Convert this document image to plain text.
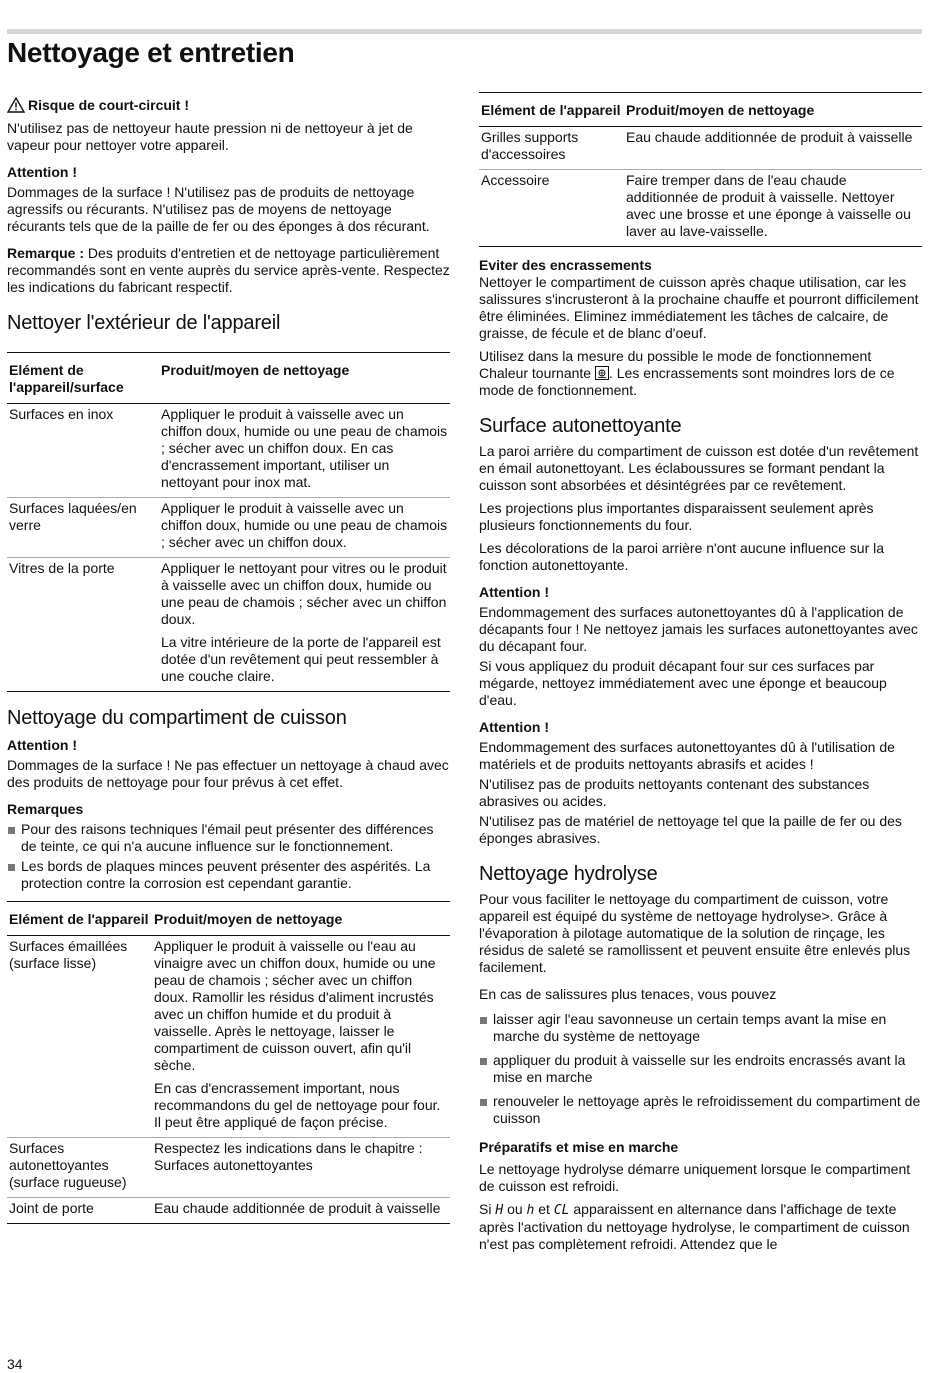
Nettoyage et entretien
Risque de court-circuit !

N'utilisez pas de nettoyeur haute pression ni de nettoyeur à jet de vapeur pour nettoyer votre appareil.

Attention !

Dommages de la surface ! N'utilisez pas de produits de nettoyage agressifs ou récurants. N'utilisez pas de moyens de nettoyage récurants tels que de la paille de fer ou des éponges à dos récurant.

Remarque : Des produits d'entretien et de nettoyage particulièrement recommandés sont en vente auprès du service après-vente. Respectez les indications du fabricant respectif.

Nettoyer l'extérieur de l'appareil
Elément de l'appareil/surface	Produit/moyen de nettoyage
Surfaces en inox	Appliquer le produit à vaisselle avec un chiffon doux, humide ou une peau de chamois ; sécher avec un chiffon doux. En cas d'encrassement important, utiliser un nettoyant pour inox mat.

Surfaces laquées/en verre	Appliquer le produit à vaisselle avec un chiffon doux, humide ou une peau de chamois ; sécher avec un chiffon doux.

Vitres de la porte	Appliquer le nettoyant pour vitres ou le produit à vaisselle avec un chiffon doux, humide ou une peau de chamois ; sécher avec un chiffon doux.

La vitre intérieure de la porte de l'appareil est dotée d'un revêtement qui peut ressembler à une couche claire.

Nettoyage du compartiment de cuisson

Attention !

Dommages de la surface ! Ne pas effectuer un nettoyage à chaud avec des produits de nettoyage pour four prévus à cet effet.

Remarques

Pour des raisons techniques l'émail peut présenter des différences de teinte, ce qui n'a aucune influence sur le fonctionnement.
Les bords de plaques minces peuvent présenter des aspérités. La protection contre la corrosion est cependant garantie.
Elément de l'appareil	Produit/moyen de nettoyage
Surfaces émaillées (surface lisse)	Appliquer le produit à vaisselle ou l'eau au vinaigre avec un chiffon doux, humide ou une peau de chamois ; sécher avec un chiffon doux. Ramollir les résidus d'aliment incrustés avec un chiffon humide et du produit à vaisselle. Après le nettoyage, laisser le compartiment de cuisson ouvert, afin qu'il sèche.

En cas d'encrassement important, nous recommandons du gel de nettoyage pour four. Il peut être appliqué de façon précise.

Surfaces autonettoyantes (surface rugueuse)	Respectez les indications dans le chapitre : Surfaces autonettoyantes

Joint de porte	Eau chaude additionnée de produit à vaisselle

Elément de l'appareil	Produit/moyen de nettoyage
Grilles supports d'accessoires	Eau chaude additionnée de produit à vaisselle

Accessoire	Faire tremper dans de l'eau chaude additionnée de produit à vaisselle. Nettoyer avec une brosse et une éponge à vaisselle ou laver au lave-vaisselle.

Eviter des encrassements

Nettoyer le compartiment de cuisson après chaque utilisation, car les salissures s'incrusteront à la prochaine chauffe et pourront difficilement être éliminées. Eliminez immédiatement les tâches de calcaire, de graisse, de fécule et de blanc d'oeuf.

Utilisez dans la mesure du possible le mode de fonctionnement Chaleur tournante . Les encrassements sont moindres lors de ce mode de fonctionnement.

Surface autonettoyante

La paroi arrière du compartiment de cuisson est dotée d'un revêtement en émail autonettoyant. Les éclaboussures se formant pendant la cuisson sont absorbées et désintégrées par ce revêtement.

Les projections plus importantes disparaissent seulement après plusieurs fonctionnements du four.

Les décolorations de la paroi arrière n'ont aucune influence sur la fonction autonettoyante.

Attention !

Endommagement des surfaces autonettoyantes dû à l'application de décapants four ! Ne nettoyez jamais les surfaces autonettoyantes avec du décapant four.

Si vous appliquez du produit décapant four sur ces surfaces par mégarde, nettoyez immédiatement avec une éponge et beaucoup d'eau.

Attention !

Endommagement des surfaces autonettoyantes dû à l'utilisation de matériels et de produits nettoyants abrasifs et acides !

N'utilisez pas de produits nettoyants contenant des substances abrasives ou acides.

N'utilisez pas de matériel de nettoyage tel que la paille de fer ou des éponges abrasives.

Nettoyage hydrolyse

Pour vous faciliter le nettoyage du compartiment de cuisson, votre appareil est équipé du système de nettoyage hydrolyse>. Grâce à l'évaporation à pilotage automatique de la solution de rinçage, les résidus de saleté se ramollissent et peuvent ensuite être enlevés plus facilement.

En cas de salissures plus tenaces, vous pouvez

laisser agir l'eau savonneuse un certain temps avant la mise en marche du système de nettoyage
appliquer du produit à vaisselle sur les endroits encrassés avant la mise en marche
renouveler le nettoyage après le refroidissement du compartiment de cuisson

Préparatifs et mise en marche

Le nettoyage hydrolyse démarre uniquement lorsque le compartiment de cuisson est refroidi.

Si H ou h et CL apparaissent en alternance dans l'affichage de texte après l'activation du nettoyage hydrolyse, le compartiment de cuisson n'est pas complètement refroidi. Attendez que le

34
